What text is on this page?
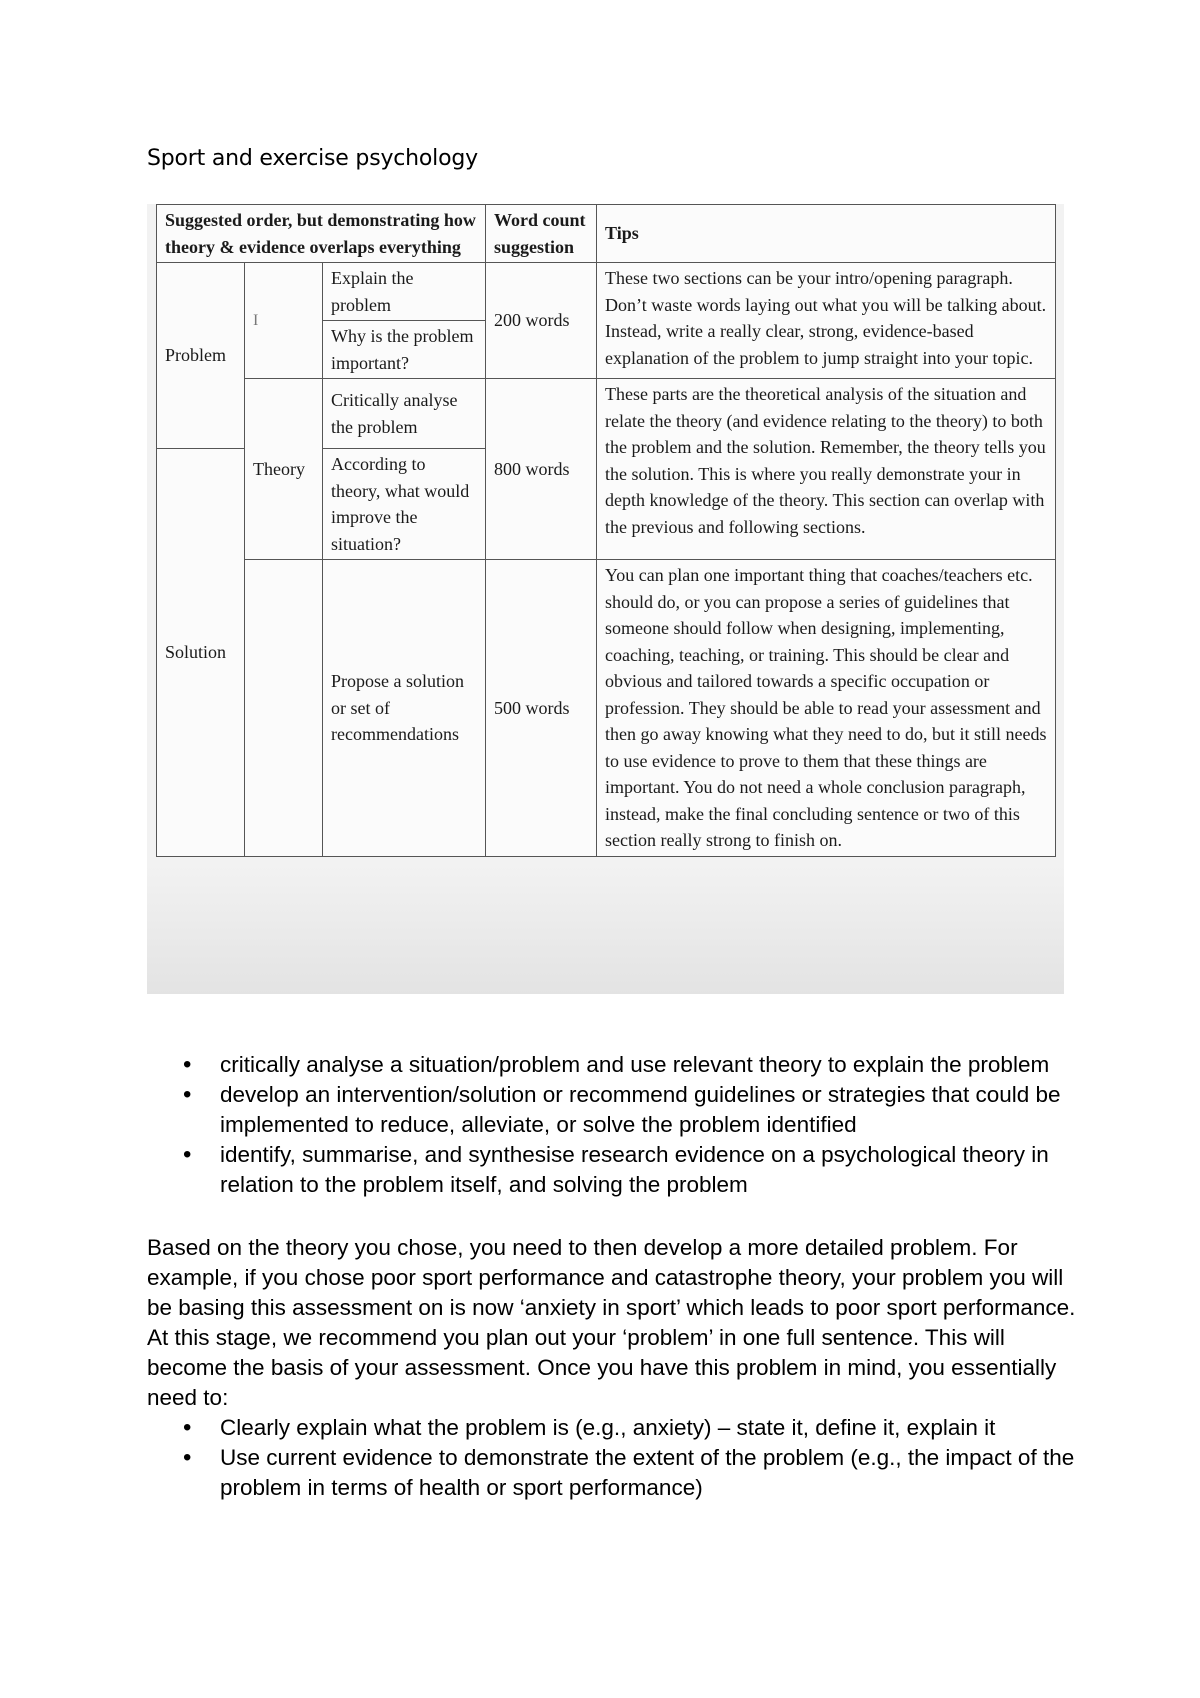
Sport and exercise psychology
Suggested order, but demonstrating how theory & evidence overlaps everything			Word count suggestion	Tips
Problem	I	Explain the problem	200 words	These two sections can be your intro/opening paragraph. Don’t waste words laying out what you will be talking about. Instead, write a really clear, strong, evidence-based explanation of the problem to jump straight into your topic.
		Why is the problem important?		
	Theory	Critically analyse the problem	800 words	These parts are the theoretical analysis of the situation and relate the theory (and evidence relating to the theory) to both the problem and the solution. Remember, the theory tells you the solution. This is where you really demonstrate your in depth knowledge of the theory. This section can overlap with the previous and following sections.
Solution		According to theory, what would improve the situation?		
		Propose a solution or set of recommendations	500 words	You can plan one important thing that coaches/teachers etc. should do, or you can propose a series of guidelines that someone should follow when designing, implementing, coaching, teaching, or training. This should be clear and obvious and tailored towards a specific occupation or profession. They should be able to read your assessment and then go away knowing what they need to do, but it still needs to use evidence to prove to them that these things are important. You do not need a whole conclusion paragraph, instead, make the final concluding sentence or two of this section really strong to finish on.
• critically analyse a situation/problem and use relevant theory to explain the problem
• develop an intervention/solution or recommend guidelines or strategies that could be implemented to reduce, alleviate, or solve the problem identified
• identify, summarise, and synthesise research evidence on a psychological theory in relation to the problem itself, and solving the problem

Based on the theory you chose, you need to then develop a more detailed problem. For example, if you chose poor sport performance and catastrophe theory, your problem you will be basing this assessment on is now ‘anxiety in sport’ which leads to poor sport performance. At this stage, we recommend you plan out your ‘problem’ in one full sentence. This will become the basis of your assessment. Once you have this problem in mind, you essentially need to:

• Clearly explain what the problem is (e.g., anxiety) – state it, define it, explain it
• Use current evidence to demonstrate the extent of the problem (e.g., the impact of the problem in terms of health or sport performance)
